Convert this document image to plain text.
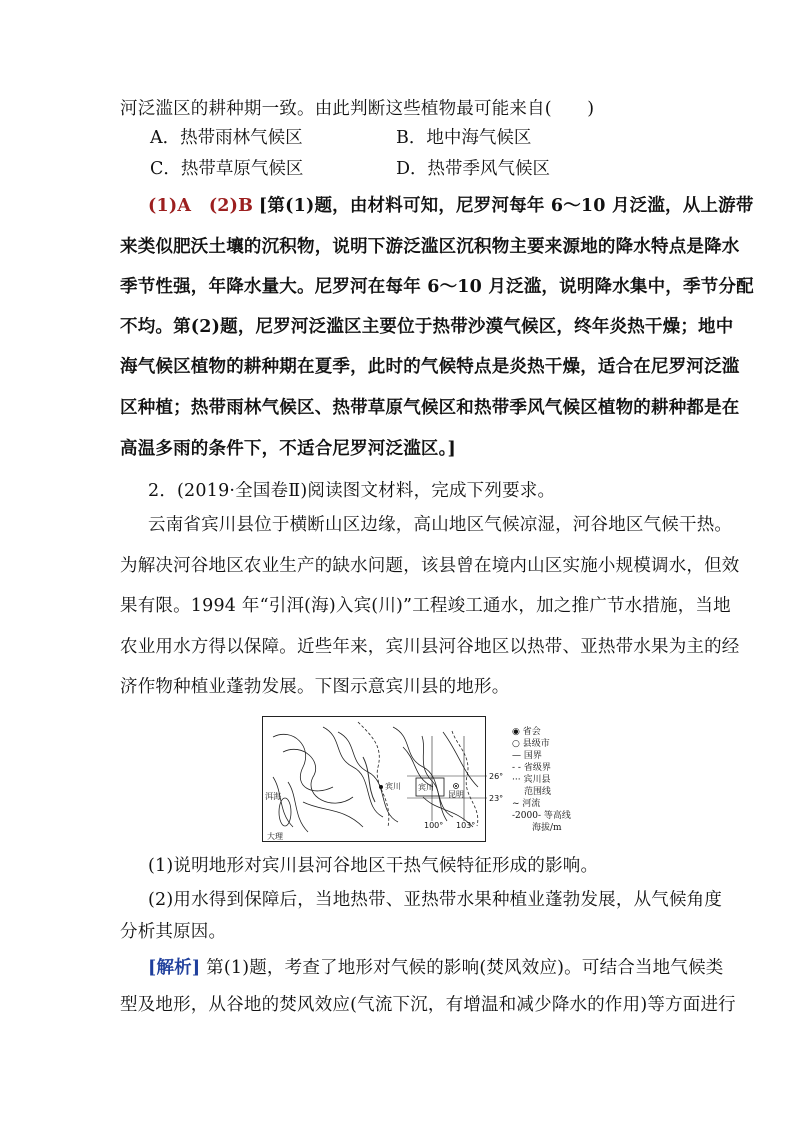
河泛滥区的耕种期一致。由此判断这些植物最可能来自(　　)
A．热带雨林气候区	B．地中海气候区
C．热带草原气候区	D．热带季风气候区
(1)A　(2)B [第(1)题，由材料可知，尼罗河每年 6～10 月泛滥，从上游带
来类似肥沃土壤的沉积物，说明下游泛滥区沉积物主要来源地的降水特点是降水
季节性强，年降水量大。尼罗河在每年 6～10 月泛滥，说明降水集中，季节分配
不均。第(2)题，尼罗河泛滥区主要位于热带沙漠气候区，终年炎热干燥；地中
海气候区植物的耕种期在夏季，此时的气候特点是炎热干燥，适合在尼罗河泛滥
区种植；热带雨林气候区、热带草原气候区和热带季风气候区植物的耕种都是在
高温多雨的条件下，不适合尼罗河泛滥区。]
2．(2019·全国卷Ⅱ)阅读图文材料，完成下列要求。
云南省宾川县位于横断山区边缘，高山地区气候凉湿，河谷地区气候干热。
为解决河谷地区农业生产的缺水问题，该县曾在境内山区实施小规模调水，但效
果有限。1994 年“引洱(海)入宾(川)”工程竣工通水，加之推广节水措施，当地
农业用水方得以保障。近些年来，宾川县河谷地区以热带、亚热带水果为主的经
济作物种植业蓬勃发展。下图示意宾川县的地形。
宾川
大理
洱海
宾川
昆明
26°
23°
100° 103°
◉ 省会
○ 县级市
— 国界
- - 省级界
··· 宾川县
范围线
~ 河流
-2000- 等高线
海拔/m
(1)说明地形对宾川县河谷地区干热气候特征形成的影响。
(2)用水得到保障后，当地热带、亚热带水果种植业蓬勃发展，从气候角度
分析其原因。
[解析] 第(1)题，考查了地形对气候的影响(焚风效应)。可结合当地气候类
型及地形，从谷地的焚风效应(气流下沉，有增温和减少降水的作用)等方面进行
